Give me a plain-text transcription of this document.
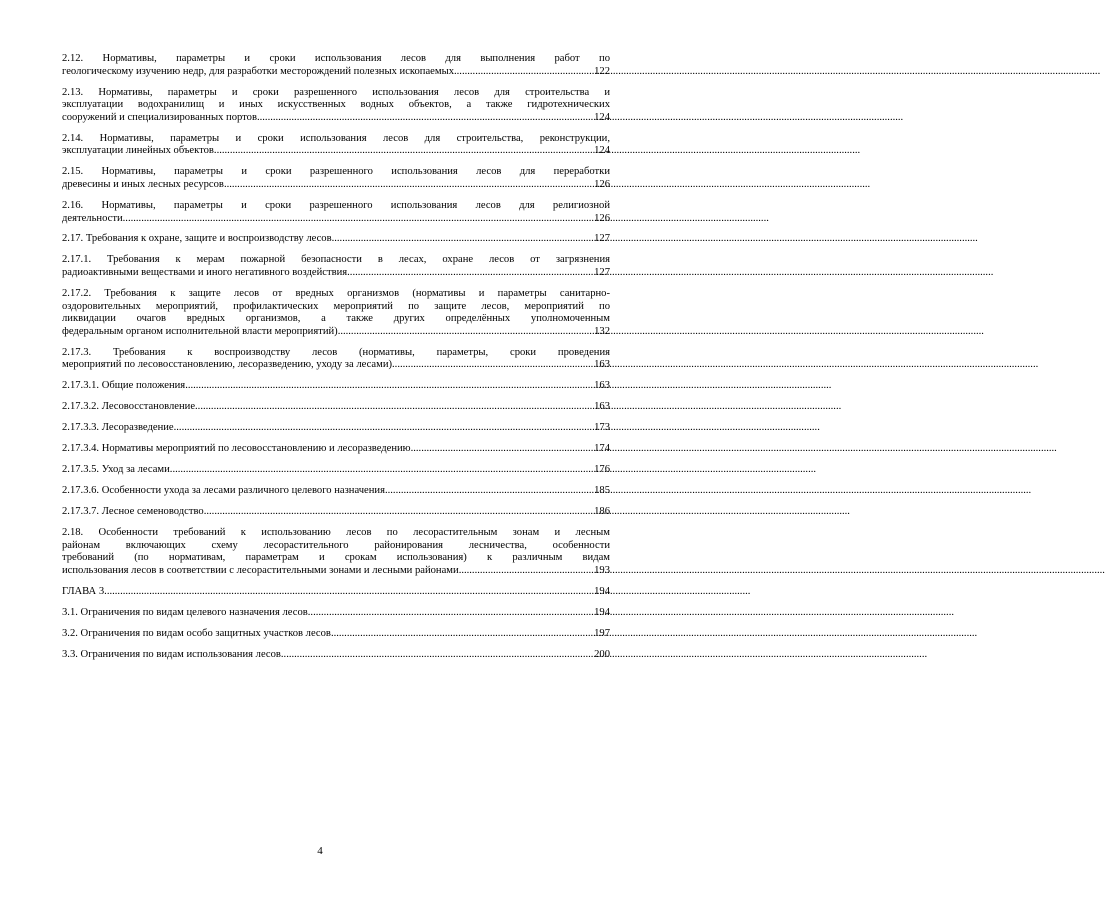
2.12. Нормативы, параметры и сроки использования лесов для выполнения работ по
геологическому изучению недр, для разработки месторождений полезных ископаемых .....	122
2.13. Нормативы, параметры и сроки разрешенного использования лесов для строительства и
эксплуатации водохранилищ и иных искусственных водных объектов, а также гидротехнических
сооружений и специализированных портов .....	124
2.14. Нормативы, параметры и сроки использования лесов для строительства, реконструкции,
эксплуатации линейных объектов .....	124
2.15. Нормативы, параметры и сроки разрешенного использования лесов для переработки
древесины и иных лесных ресурсов .....	126
2.16. Нормативы, параметры и сроки разрешенного использования лесов для религиозной
деятельности .....	126
2.17. Требования к охране, защите и воспроизводству лесов .....	127
2.17.1. Требования к мерам пожарной безопасности в лесах, охране лесов от загрязнения
радиоактивными веществами и иного негативного воздействия .....	127
2.17.2. Требования к защите лесов от вредных организмов (нормативы и параметры санитарно-
оздоровительных мероприятий, профилактических мероприятий по защите лесов, мероприятий по
ликвидации очагов вредных организмов, а также других определённых уполномоченным
федеральным органом исполнительной власти мероприятий) .....	132
2.17.3. Требования к воспроизводству лесов (нормативы, параметры, сроки проведения
мероприятий по лесовосстановлению, лесоразведению, уходу за лесами) .....	163
2.17.3.1. Общие положения .....	163
2.17.3.2. Лесовосстановление .....	163
2.17.3.3. Лесоразведение .....	173
2.17.3.4. Нормативы мероприятий по лесовосстановлению и лесоразведению .....	174
2.17.3.5. Уход за лесами .....	176
2.17.3.6. Особенности ухода за лесами различного целевого назначения .....	185
2.17.3.7. Лесное семеноводство .....	186
2.18. Особенности требований к использованию лесов по лесорастительным зонам и лесным
районам включающих схему лесорастительного районирования лесничества, особенности
требований (по нормативам, параметрам и срокам использования) к различным видам
использования лесов в соответствии с лесорастительными зонами и лесными районами .....	193
ГЛАВА 3 .....	194
3.1. Ограничения по видам целевого назначения лесов .....	194
3.2. Ограничения по видам особо защитных участков лесов .....	197
3.3. Ограничения по видам использования лесов .....	200
4
